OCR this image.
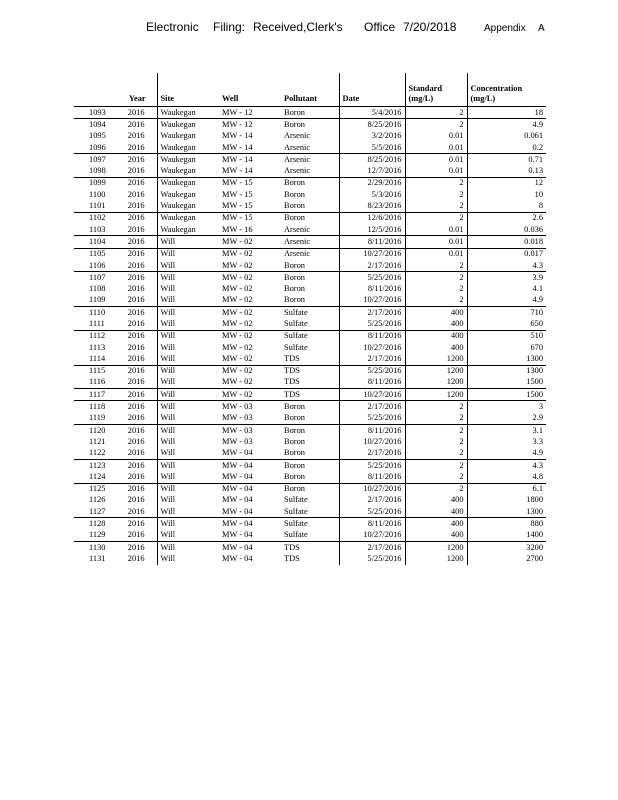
Electronic Filing: Received,Clerk's Office 7/20/2018	Appendix A
	Year	Site	Well	Pollutant	Date	Standard (mg/L)	Concentration (mg/L)
1093	2016	Waukegan	MW - 12	Boron	5/4/2016	2	18
1094	2016	Waukegan	MW - 12	Boron	8/25/2016	2	4.9
1095	2016	Waukegan	MW - 14	Arsenic	3/2/2016	0.01	0.061
1096	2016	Waukegan	MW - 14	Arsenic	5/5/2016	0.01	0.2
1097	2016	Waukegan	MW - 14	Arsenic	8/25/2016	0.01	0.71
1098	2016	Waukegan	MW - 14	Arsenic	12/7/2016	0.01	0.13
1099	2016	Waukegan	MW - 15	Boron	2/29/2016	2	12
1100	2016	Waukegan	MW - 15	Boron	5/3/2016	2	10
1101	2016	Waukegan	MW - 15	Boron	8/23/2016	2	8
1102	2016	Waukegan	MW - 15	Boron	12/6/2016	2	2.6
1103	2016	Waukegan	MW - 16	Arsenic	12/5/2016	0.01	0.036
1104	2016	Will	MW - 02	Arsenic	8/11/2016	0.01	0.018
1105	2016	Will	MW - 02	Arsenic	10/27/2016	0.01	0.017
1106	2016	Will	MW - 02	Boron	2/17/2016	2	4.3
1107	2016	Will	MW - 02	Boron	5/25/2016	2	3.9
1108	2016	Will	MW - 02	Boron	8/11/2016	2	4.1
1109	2016	Will	MW - 02	Boron	10/27/2016	2	4.9
1110	2016	Will	MW - 02	Sulfate	2/17/2016	400	710
1111	2016	Will	MW - 02	Sulfate	5/25/2016	400	650
1112	2016	Will	MW - 02	Sulfate	8/11/2016	400	510
1113	2016	Will	MW - 02	Sulfate	10/27/2016	400	670
1114	2016	Will	MW - 02	TDS	2/17/2016	1200	1300
1115	2016	Will	MW - 02	TDS	5/25/2016	1200	1300
1116	2016	Will	MW - 02	TDS	8/11/2016	1200	1500
1117	2016	Will	MW - 02	TDS	10/27/2016	1200	1500
1118	2016	Will	MW - 03	Boron	2/17/2016	2	3
1119	2016	Will	MW - 03	Boron	5/25/2016	2	2.9
1120	2016	Will	MW - 03	Boron	8/11/2016	2	3.1
1121	2016	Will	MW - 03	Boron	10/27/2016	2	3.3
1122	2016	Will	MW - 04	Boron	2/17/2016	2	4.9
1123	2016	Will	MW - 04	Boron	5/25/2016	2	4.3
1124	2016	Will	MW - 04	Boron	8/11/2016	2	4.8
1125	2016	Will	MW - 04	Boron	10/27/2016	2	6.1
1126	2016	Will	MW - 04	Sulfate	2/17/2016	400	1800
1127	2016	Will	MW - 04	Sulfate	5/25/2016	400	1300
1128	2016	Will	MW - 04	Sulfate	8/11/2016	400	880
1129	2016	Will	MW - 04	Sulfate	10/27/2016	400	1400
1130	2016	Will	MW - 04	TDS	2/17/2016	1200	3200
1131	2016	Will	MW - 04	TDS	5/25/2016	1200	2700
